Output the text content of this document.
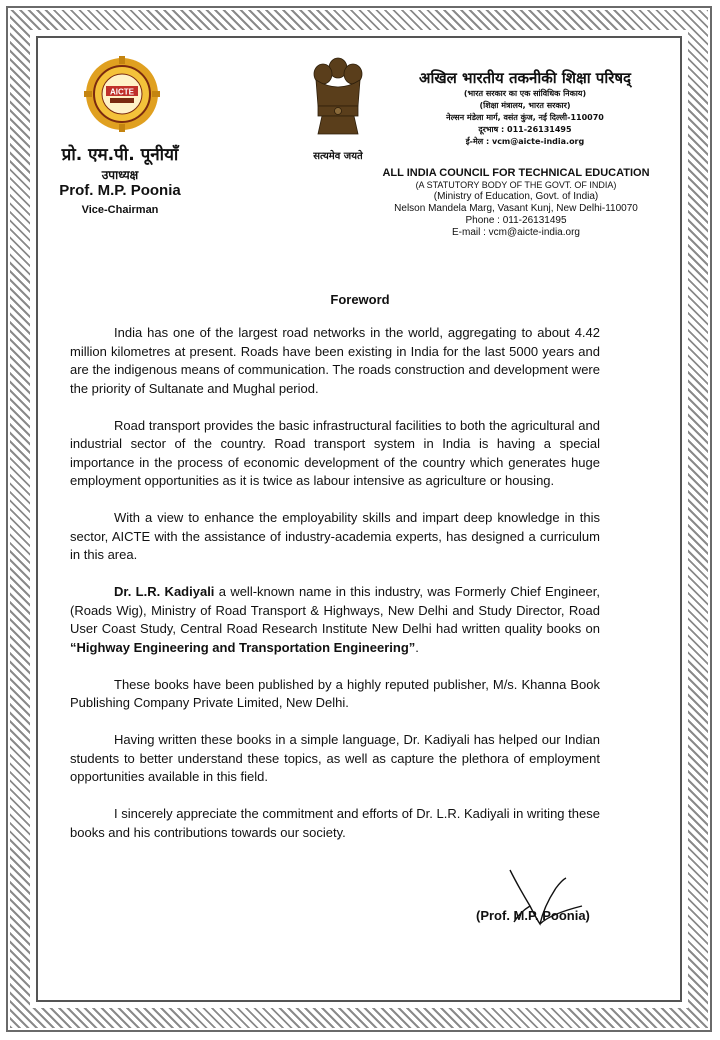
AICTE
प्रो. एम.पी. पूनीयाँ
उपाध्यक्ष
Prof. M.P. Poonia
Vice-Chairman
सत्यमेव जयते
अखिल भारतीय तकनीकी शिक्षा परिषद्
(भारत सरकार का एक सांविधिक निकाय)
(शिक्षा मंत्रालय, भारत सरकार)
नेल्सन मंडेला मार्ग, वसंत कुंज, नई दिल्ली-110070
दूरभाष : 011-26131495
ई-मेल : vcm@aicte-india.org
ALL INDIA COUNCIL FOR TECHNICAL EDUCATION
(A STATUTORY BODY OF THE GOVT. OF INDIA)
(Ministry of Education, Govt. of India)
Nelson Mandela Marg, Vasant Kunj, New Delhi-110070
Phone : 011-26131495
E-mail : vcm@aicte-india.org
Foreword

India has one of the largest road networks in the world, aggregating to about 4.42 million kilometres at present. Roads have been existing in India for the last 5000 years and are the indigenous means of communication. The roads construction and development were the priority of Sultanate and Mughal period.

Road transport provides the basic infrastructural facilities to both the agricultural and industrial sector of the country. Road transport system in India is having a special importance in the process of economic development of the country which generates huge employment opportunities as it is twice as labour intensive as agriculture or housing.

With a view to enhance the employability skills and impart deep knowledge in this sector, AICTE with the assistance of industry-academia experts, has designed a curriculum in this area.

Dr. L.R. Kadiyali a well-known name in this industry, was Formerly Chief Engineer, (Roads Wig), Ministry of Road Transport & Highways, New Delhi and Study Director, Road User Coast Study, Central Road Research Institute New Delhi had written quality books on “Highway Engineering and Transportation Engineering”.

These books have been published by a highly reputed publisher, M/s. Khanna Book Publishing Company Private Limited, New Delhi.

Having written these books in a simple language, Dr. Kadiyali has helped our Indian students to better understand these topics, as well as capture the plethora of employment opportunities available in this field.

I sincerely appreciate the commitment and efforts of Dr. L.R. Kadiyali in writing these books and his contributions towards our society.

(Prof. M.P. Poonia)
